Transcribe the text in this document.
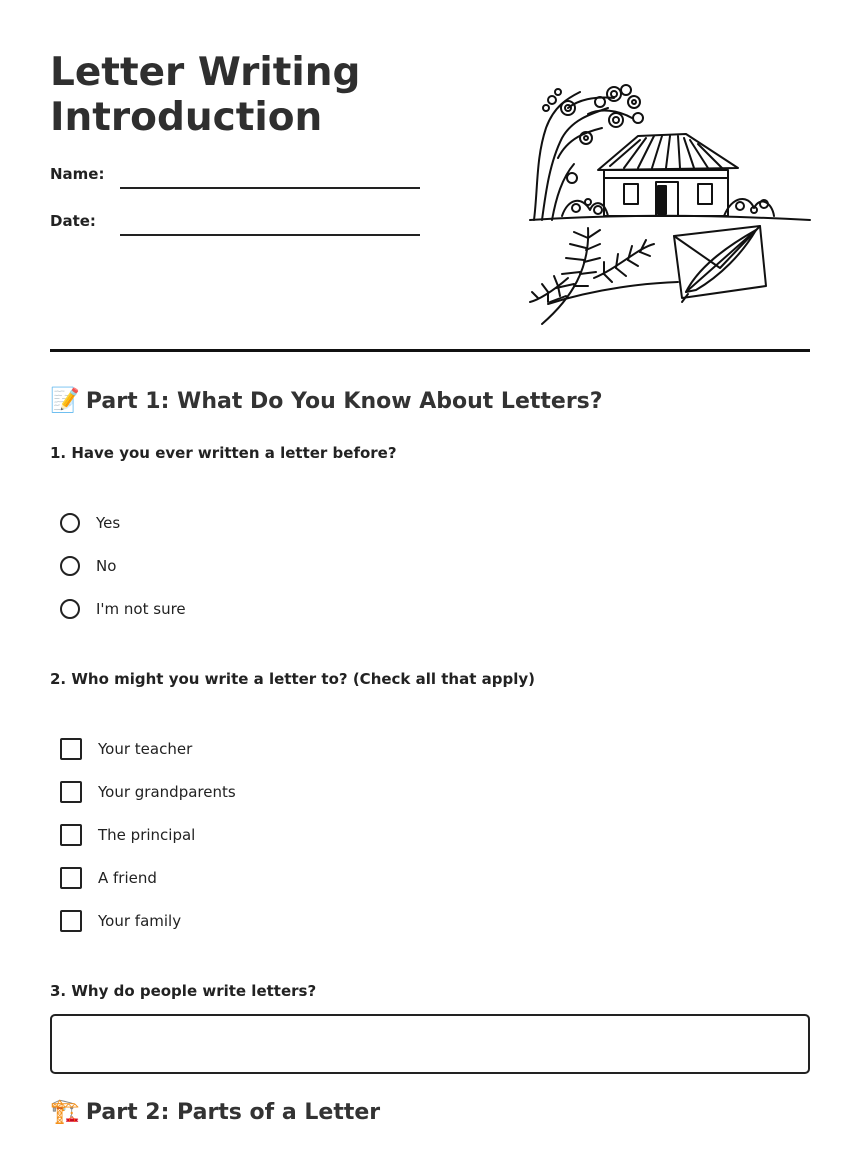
Letter Writing
Introduction
Name:
Date:
📝 Part 1: What Do You Know About Letters?
1. Have you ever written a letter before?
Yes
No
I'm not sure
2. Who might you write a letter to? (Check all that apply)
Your teacher
Your grandparents
The principal
A friend
Your family
3. Why do people write letters?
🏗️ Part 2: Parts of a Letter
